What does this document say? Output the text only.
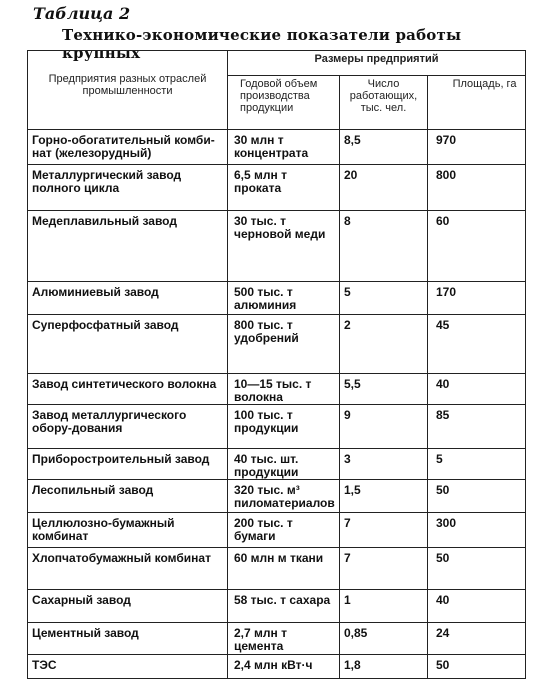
Таблица 2
Технико-экономические показатели работы крупных
Предприятия разных отраслей промышленности	Размеры предприятий		
	Годовой объем производства продукции	Число работающих, тыс. чел.	Площадь, га
Горно-обогатительный комби-нат (железорудный)	30 млн т концентрата	8,5	970
Металлургический завод полного цикла	6,5 млн т проката	20	800
Медеплавильный завод	30 тыс. т черновой меди	8	60
Алюминиевый завод	500 тыс. т алюминия	5	170
Суперфосфатный завод	800 тыс. т удобрений	2	45
Завод синтетического волокна	10—15 тыс. т волокна	5,5	40
Завод металлургического обору-дования	100 тыс. т продукции	9	85
Приборостроительный завод	40 тыс. шт. продукции	3	5
Лесопильный завод	320 тыс. м³ пиломатериалов	1,5	50
Целлюлозно-бумажный комбинат	200 тыс. т бумаги	7	300
Хлопчатобумажный комбинат	60 млн м ткани	7	50
Сахарный завод	58 тыс. т сахара	1	40
Цементный завод	2,7 млн т цемента	0,85	24
ТЭС	2,4 млн кВт·ч	1,8	50
